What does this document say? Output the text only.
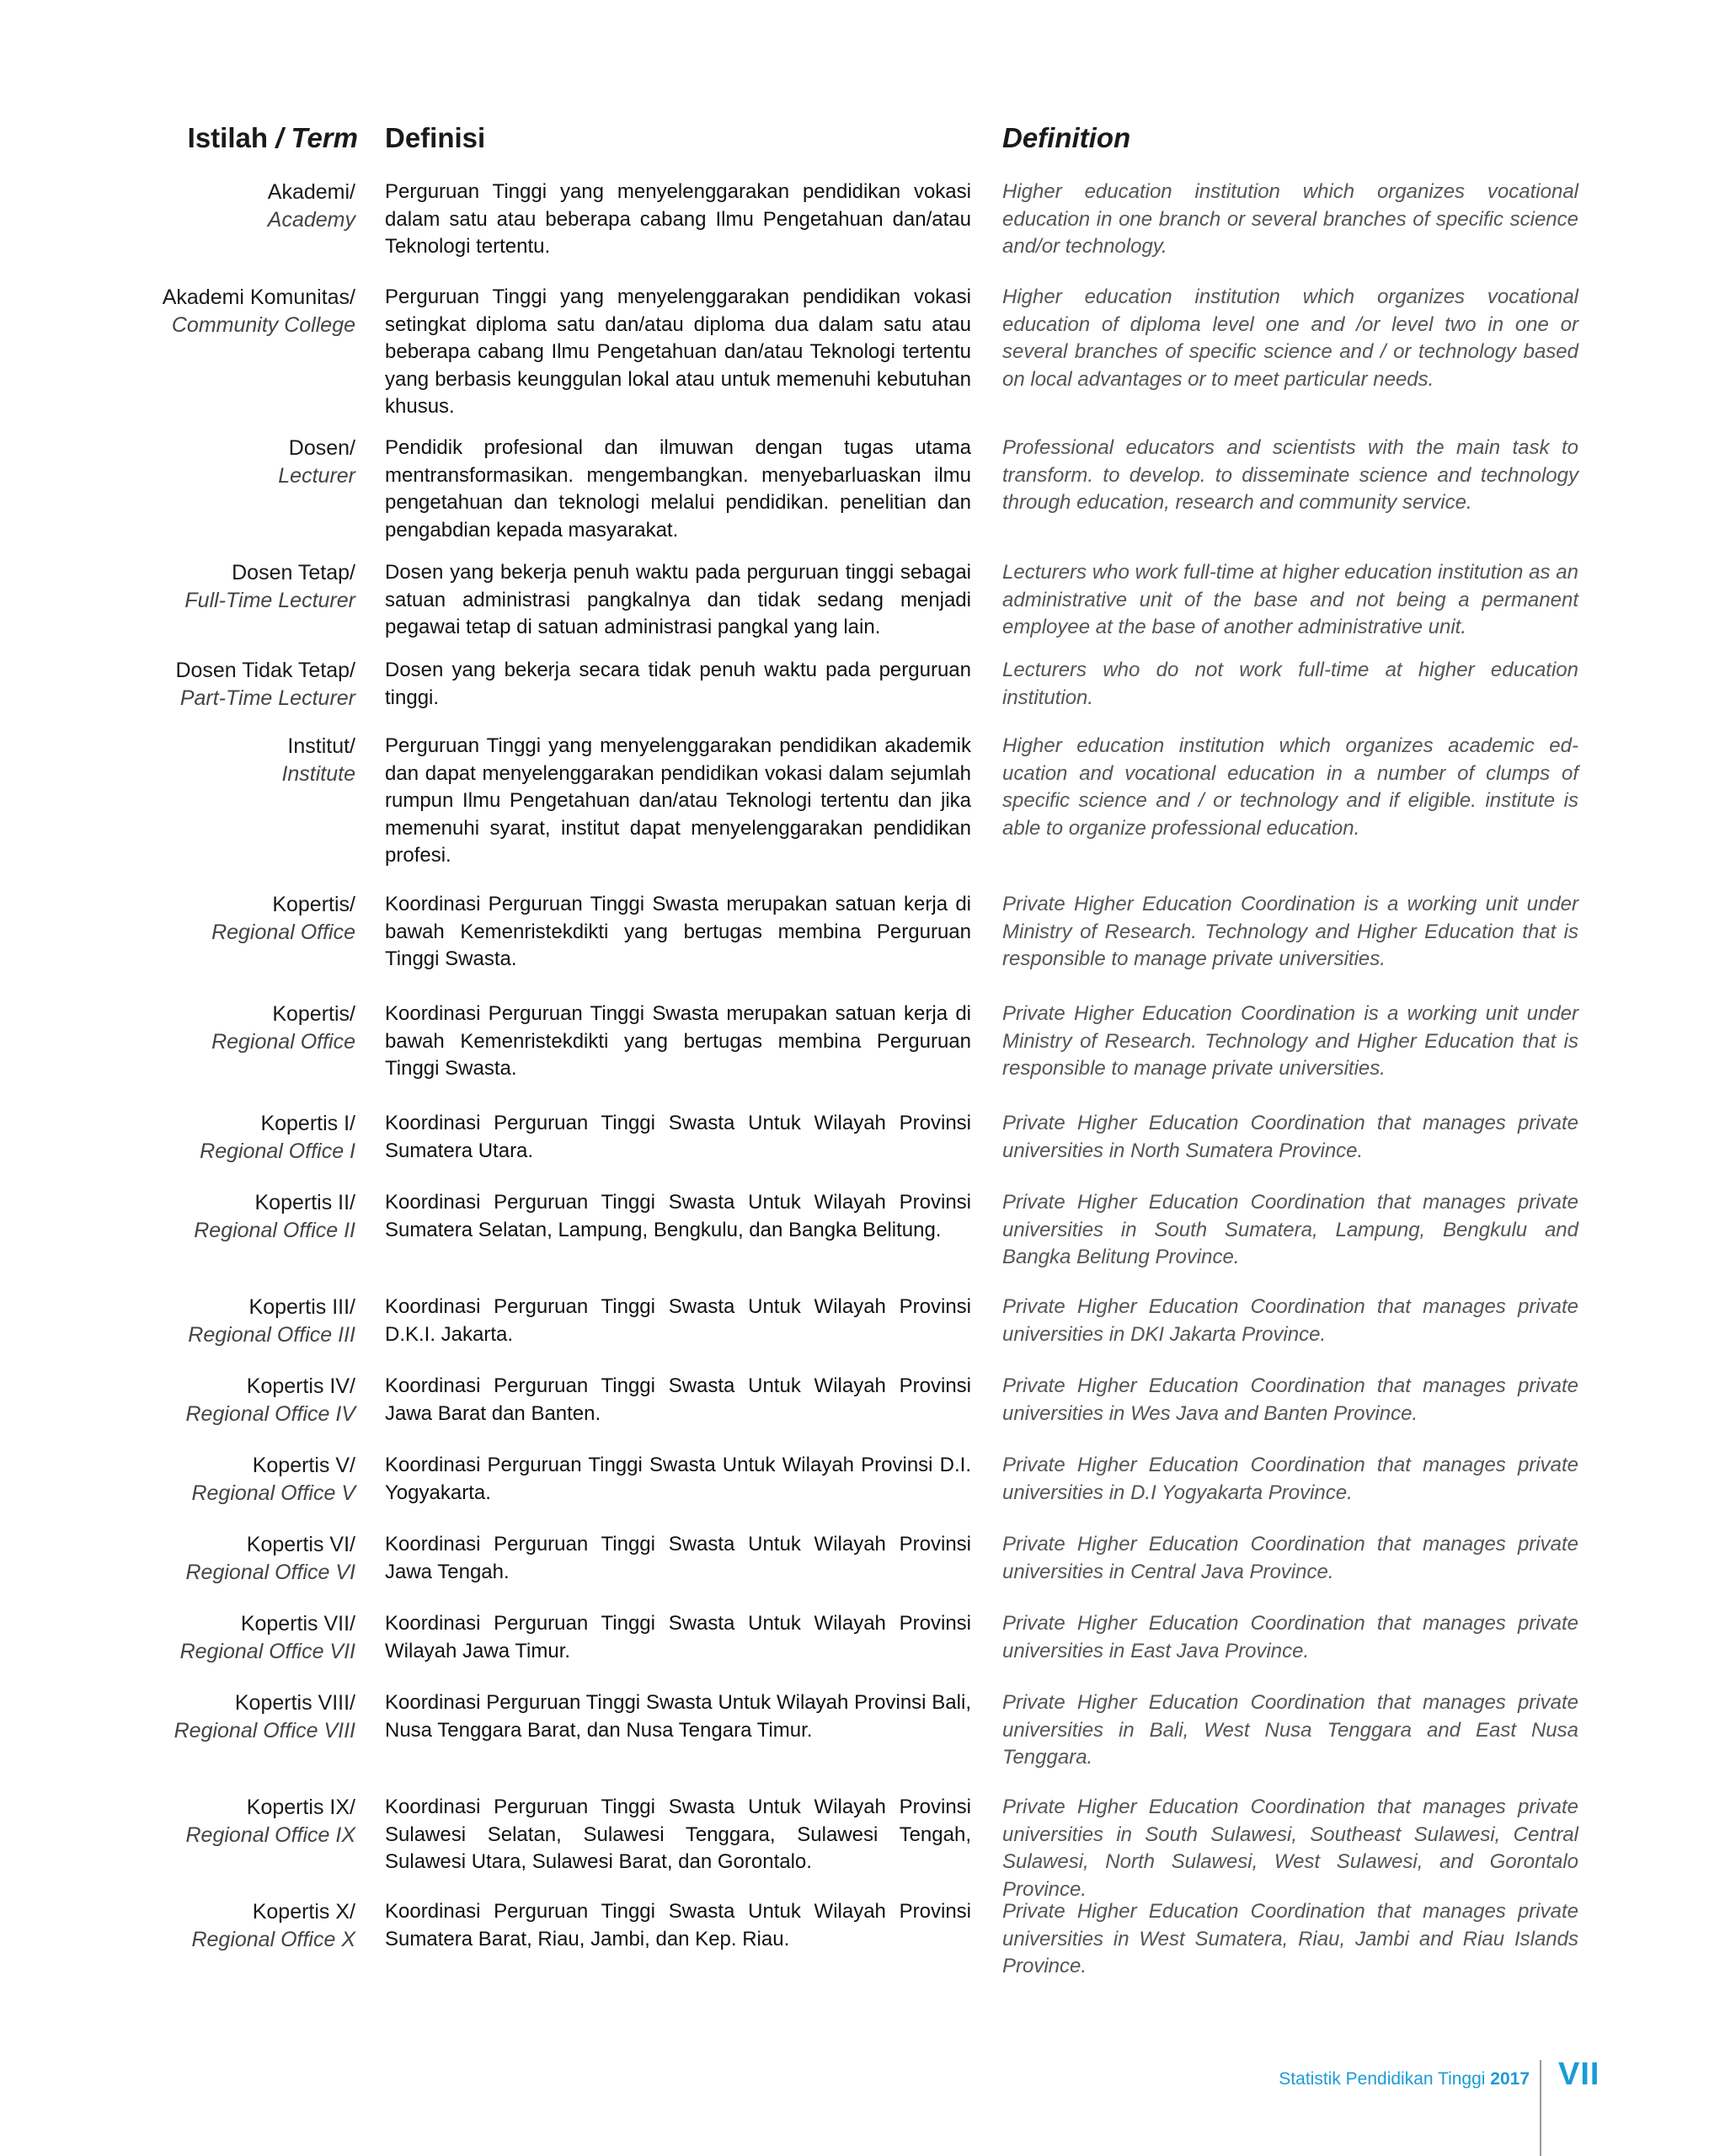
Istilah / Term Definisi	Definition
Akademi/
Academy
Perguruan Tinggi yang menyelenggarakan pendidikan vokasi dalam satu atau beberapa cabang Ilmu Pengetahuan dan/atau Teknologi tertentu.
Higher education institution which organizes vocational education in one branch or several branches of specific science and/or technology.
Akademi Komunitas/
Community College
Perguruan Tinggi yang menyelenggarakan pendidikan vokasi setingkat diploma satu dan/atau diploma dua dalam satu atau beberapa cabang Ilmu Pengetahuan dan/atau Teknologi tertentu yang berbasis keunggulan lokal atau untuk memenuhi kebutuhan khusus.
Higher education institution which organizes vocational education of diploma level one and /or level two in one or several branches of specific science and / or technology based on local advantages or to meet particular needs.
Dosen/
Lecturer
Pendidik profesional dan ilmuwan dengan tugas utama mentransformasikan. mengembangkan. menyebarluaskan ilmu pengetahuan dan teknologi melalui pendidikan. penelitian dan pengabdian kepada masyarakat.
Professional educators and scientists with the main task to transform. to develop. to disseminate science and technology through education, research and community service.
Dosen Tetap/
Full-Time Lecturer
Dosen yang bekerja penuh waktu pada perguruan tinggi sebagai satuan administrasi pangkalnya dan tidak sedang menjadi pegawai tetap di satuan administrasi pangkal yang lain.
Lecturers who work full-time at higher education institution as an administrative unit of the base and not being a permanent employee at the base of another administrative unit.
Dosen Tidak Tetap/
Part-Time Lecturer
Dosen yang bekerja secara tidak penuh waktu pada perguruan tinggi.
Lecturers who do not work full-time at higher education institution.
Institut/
Institute
Perguruan Tinggi yang menyelenggarakan pendidikan akademik dan dapat menyelenggarakan pendidikan vokasi dalam sejumlah rumpun Ilmu Pengetahuan dan/atau Teknologi tertentu dan jika memenuhi syarat, institut dapat menyelenggarakan pendidikan profesi.
Higher education institution which organizes academic ed-ucation and vocational education in a number of clumps of specific science and / or technology and if eligible. institute is able to organize professional education.
Kopertis/
Regional Office
Koordinasi Perguruan Tinggi Swasta merupakan satuan kerja di bawah Kemenristekdikti yang bertugas membina Perguruan Tinggi Swasta.
Private Higher Education Coordination is a working unit under Ministry of Research. Technology and Higher Education that is responsible to manage private universities.
Kopertis/
Regional Office
Koordinasi Perguruan Tinggi Swasta merupakan satuan kerja di bawah Kemenristekdikti yang bertugas membina Perguruan Tinggi Swasta.
Private Higher Education Coordination is a working unit under Ministry of Research. Technology and Higher Education that is responsible to manage private universities.
Kopertis I/
Regional Office I
Koordinasi Perguruan Tinggi Swasta Untuk Wilayah Provinsi Sumatera Utara.
Private Higher Education Coordination that manages private universities in North Sumatera Province.
Kopertis II/
Regional Office II
Koordinasi Perguruan Tinggi Swasta Untuk Wilayah Provinsi Sumatera Selatan, Lampung, Bengkulu, dan Bangka Belitung.
Private Higher Education Coordination that manages private universities in South Sumatera, Lampung, Bengkulu and Bangka Belitung Province.
Kopertis III/
Regional Office III
Koordinasi Perguruan Tinggi Swasta Untuk Wilayah Provinsi D.K.I. Jakarta.
Private Higher Education Coordination that manages private universities in DKI Jakarta Province.
Kopertis IV/
Regional Office IV
Koordinasi Perguruan Tinggi Swasta Untuk Wilayah Provinsi Jawa Barat dan Banten.
Private Higher Education Coordination that manages private universities in Wes Java and Banten Province.
Kopertis V/
Regional Office V
Koordinasi Perguruan Tinggi Swasta Untuk Wilayah Provinsi D.I. Yogyakarta.
Private Higher Education Coordination that manages private universities in D.I Yogyakarta Province.
Kopertis VI/
Regional Office VI
Koordinasi Perguruan Tinggi Swasta Untuk Wilayah Provinsi Jawa Tengah.
Private Higher Education Coordination that manages private universities in Central Java Province.
Kopertis VII/
Regional Office VII
Koordinasi Perguruan Tinggi Swasta Untuk Wilayah Provinsi Wilayah Jawa Timur.
Private Higher Education Coordination that manages private universities in East Java Province.
Kopertis VIII/
Regional Office VIII
Koordinasi Perguruan Tinggi Swasta Untuk Wilayah Provinsi Bali, Nusa Tenggara Barat, dan Nusa Tengara Timur.
Private Higher Education Coordination that manages private universities in Bali, West Nusa Tenggara and East Nusa Tenggara.
Kopertis IX/
Regional Office IX
Koordinasi Perguruan Tinggi Swasta Untuk Wilayah Provinsi Sulawesi Selatan, Sulawesi Tenggara, Sulawesi Tengah, Sulawesi Utara, Sulawesi Barat, dan Gorontalo.
Private Higher Education Coordination that manages private universities in South Sulawesi, Southeast Sulawesi, Central Sulawesi, North Sulawesi, West Sulawesi, and Gorontalo Province.
Kopertis X/
Regional Office X
Koordinasi Perguruan Tinggi Swasta Untuk Wilayah Provinsi Sumatera Barat, Riau, Jambi, dan Kep. Riau.
Private Higher Education Coordination that manages private universities in West Sumatera, Riau, Jambi and Riau Islands Province.
Statistik Pendidikan Tinggi 2017 VII
